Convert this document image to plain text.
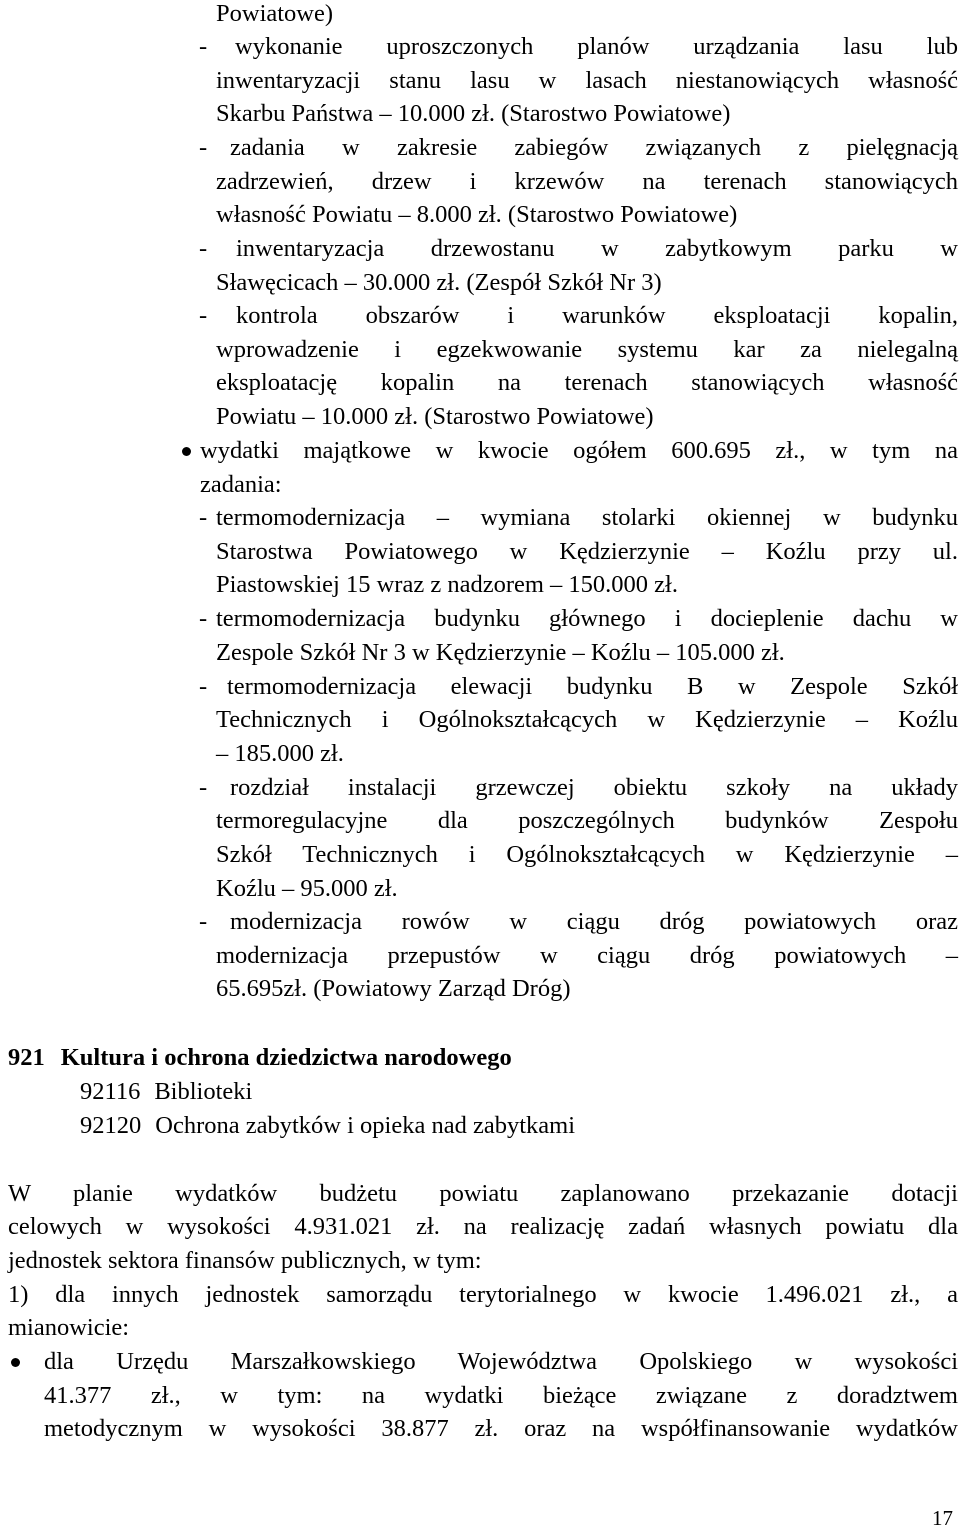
Powiatowe)
- wykonanie uproszczonych planów urządzania lasu lub
inwentaryzacji stanu lasu w lasach niestanowiących własność
Skarbu Państwa – 10.000 zł. (Starostwo Powiatowe)
- zadania w zakresie zabiegów związanych z pielęgnacją
zadrzewień, drzew i krzewów na terenach stanowiących
własność Powiatu – 8.000 zł. (Starostwo Powiatowe)
- inwentaryzacja drzewostanu w zabytkowym parku w
Sławęcicach – 30.000 zł. (Zespół Szkół Nr 3)
- kontrola obszarów i warunków eksploatacji kopalin,
wprowadzenie i egzekwowanie systemu kar za nielegalną
eksploatację kopalin na terenach stanowiących własność
Powiatu – 10.000 zł. (Starostwo Powiatowe)
wydatki majątkowe w kwocie ogółem 600.695 zł., w tym na
zadania:
- termomodernizacja – wymiana stolarki okiennej w budynku
Starostwa Powiatowego w Kędzierzynie – Koźlu przy ul.
Piastowskiej 15 wraz z nadzorem – 150.000 zł.
- termomodernizacja budynku głównego i docieplenie dachu w
Zespole Szkół Nr 3 w Kędzierzynie – Koźlu – 105.000 zł.
- termomodernizacja elewacji budynku B w Zespole Szkół
Technicznych i Ogólnokształcących w Kędzierzynie – Koźlu
– 185.000 zł.
- rozdział instalacji grzewczej obiektu szkoły na układy
termoregulacyjne dla poszczególnych budynków Zespołu
Szkół Technicznych i Ogólnokształcących w Kędzierzynie –
Koźlu – 95.000 zł.
- modernizacja rowów w ciągu dróg powiatowych oraz
modernizacja przepustów w ciągu dróg powiatowych –
65.695zł. (Powiatowy Zarząd Dróg)
921 Kultura i ochrona dziedzictwa narodowego
92116 Biblioteki
92120 Ochrona zabytków i opieka nad zabytkami
W planie wydatków budżetu powiatu zaplanowano przekazanie dotacji
celowych w wysokości 4.931.021 zł. na realizację zadań własnych powiatu dla
jednostek sektora finansów publicznych, w tym:
1) dla innych jednostek samorządu terytorialnego w kwocie 1.496.021 zł., a
mianowicie:
dla Urzędu Marszałkowskiego Województwa Opolskiego w wysokości
41.377 zł., w tym: na wydatki bieżące związane z doradztwem
metodycznym w wysokości 38.877 zł. oraz na współfinansowanie wydatków
17
